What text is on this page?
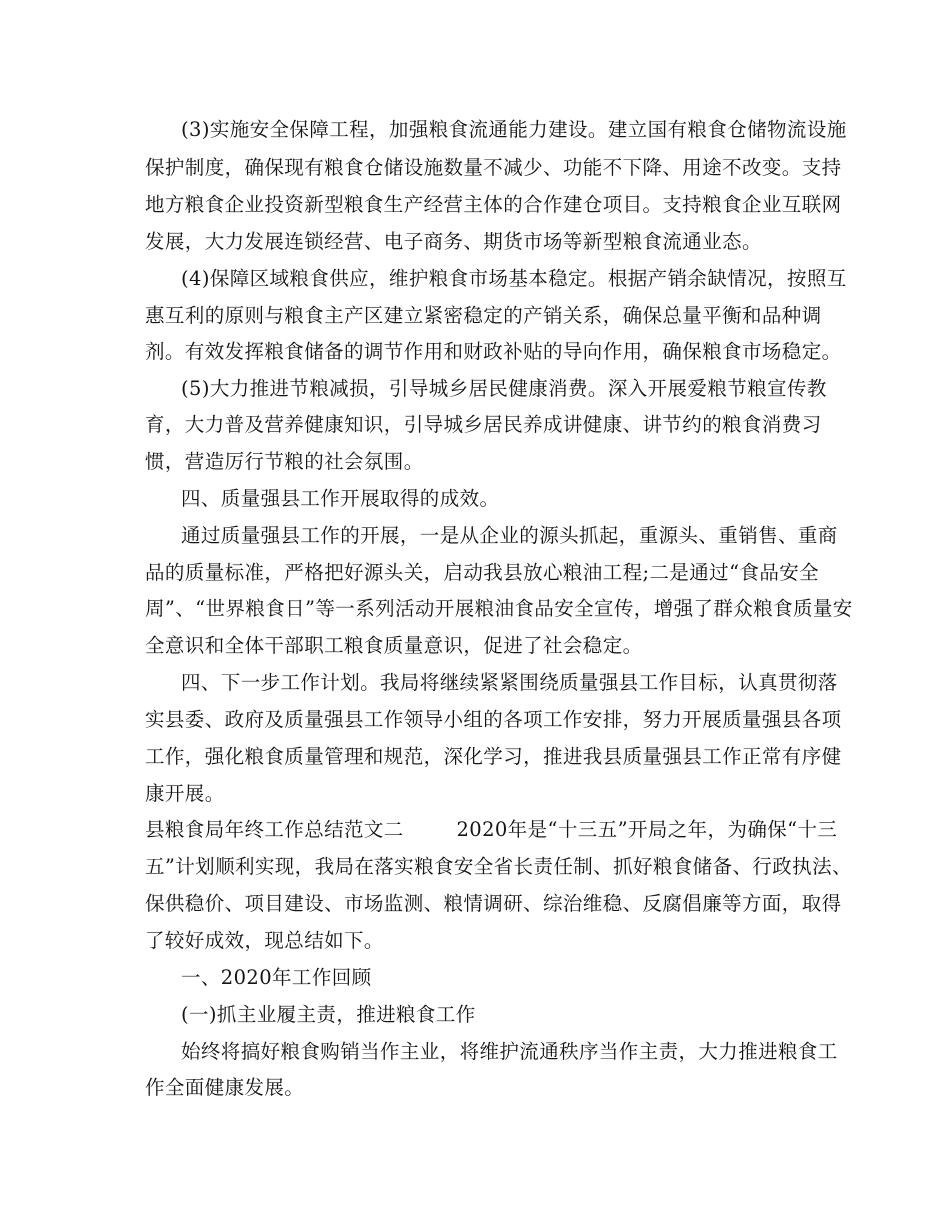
(3)实施安全保障工程，加强粮食流通能力建设。建立国有粮食仓储物流设施
保护制度，确保现有粮食仓储设施数量不减少、功能不下降、用途不改变。支持
地方粮食企业投资新型粮食生产经营主体的合作建仓项目。支持粮食企业互联网
发展，大力发展连锁经营、电子商务、期货市场等新型粮食流通业态。
(4)保障区域粮食供应，维护粮食市场基本稳定。根据产销余缺情况，按照互
惠互利的原则与粮食主产区建立紧密稳定的产销关系，确保总量平衡和品种调
剂。有效发挥粮食储备的调节作用和财政补贴的导向作用，确保粮食市场稳定。
(5)大力推进节粮减损，引导城乡居民健康消费。深入开展爱粮节粮宣传教
育，大力普及营养健康知识，引导城乡居民养成讲健康、讲节约的粮食消费习
惯，营造厉行节粮的社会氛围。
四、质量强县工作开展取得的成效。
通过质量强县工作的开展，一是从企业的源头抓起，重源头、重销售、重商
品的质量标准，严格把好源头关，启动我县放心粮油工程;二是通过“食品安全
周”、“世界粮食日”等一系列活动开展粮油食品安全宣传，增强了群众粮食质量安
全意识和全体干部职工粮食质量意识，促进了社会稳定。
四、下一步工作计划。我局将继续紧紧围绕质量强县工作目标，认真贯彻落
实县委、政府及质量强县工作领导小组的各项工作安排，努力开展质量强县各项
工作，强化粮食质量管理和规范，深化学习，推进我县质量强县工作正常有序健
康开展。
县粮食局年终工作总结范文二        2020年是“十三五”开局之年，为确保“十三
五”计划顺利实现，我局在落实粮食安全省长责任制、抓好粮食储备、行政执法、
保供稳价、项目建设、市场监测、粮情调研、综治维稳、反腐倡廉等方面，取得
了较好成效，现总结如下。
一、2020年工作回顾
(一)抓主业履主责，推进粮食工作
始终将搞好粮食购销当作主业，将维护流通秩序当作主责，大力推进粮食工
作全面健康发展。
